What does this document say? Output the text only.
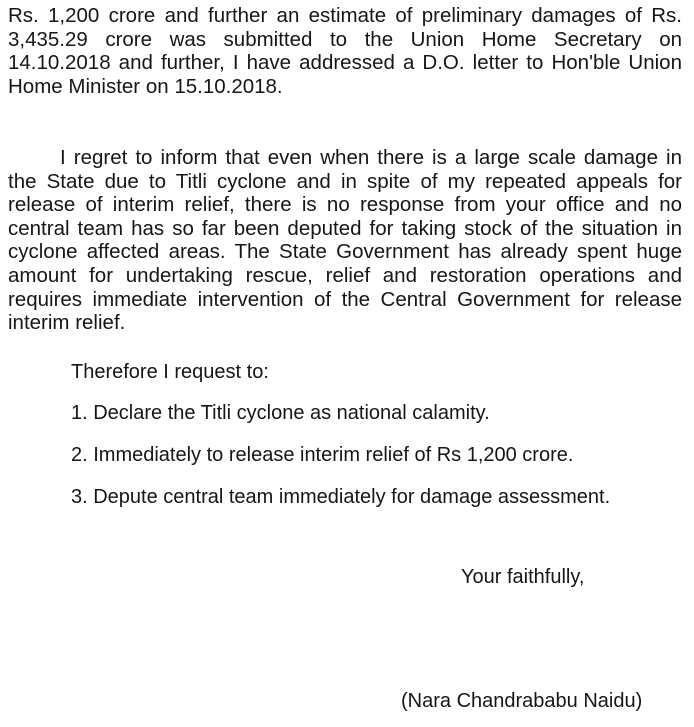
Rs. 1,200 crore and further an estimate of preliminary damages of Rs. 3,435.29 crore was submitted to the Union Home Secretary on 14.10.2018 and further, I have addressed a D.O. letter to Hon'ble Union Home Minister on 15.10.2018.

I regret to inform that even when there is a large scale damage in the State due to Titli cyclone and in spite of my repeated appeals for release of interim relief, there is no response from your office and no central team has so far been deputed for taking stock of the situation in cyclone affected areas. The State Government has already spent huge amount for undertaking rescue, relief and restoration operations and requires immediate intervention of the Central Government for release interim relief.

Therefore I request to:

1. Declare the Titli cyclone as national calamity.
2. Immediately to release interim relief of Rs 1,200 crore.
3. Depute central team immediately for damage assessment.

Your faithfully,

(Nara Chandrababu Naidu)
